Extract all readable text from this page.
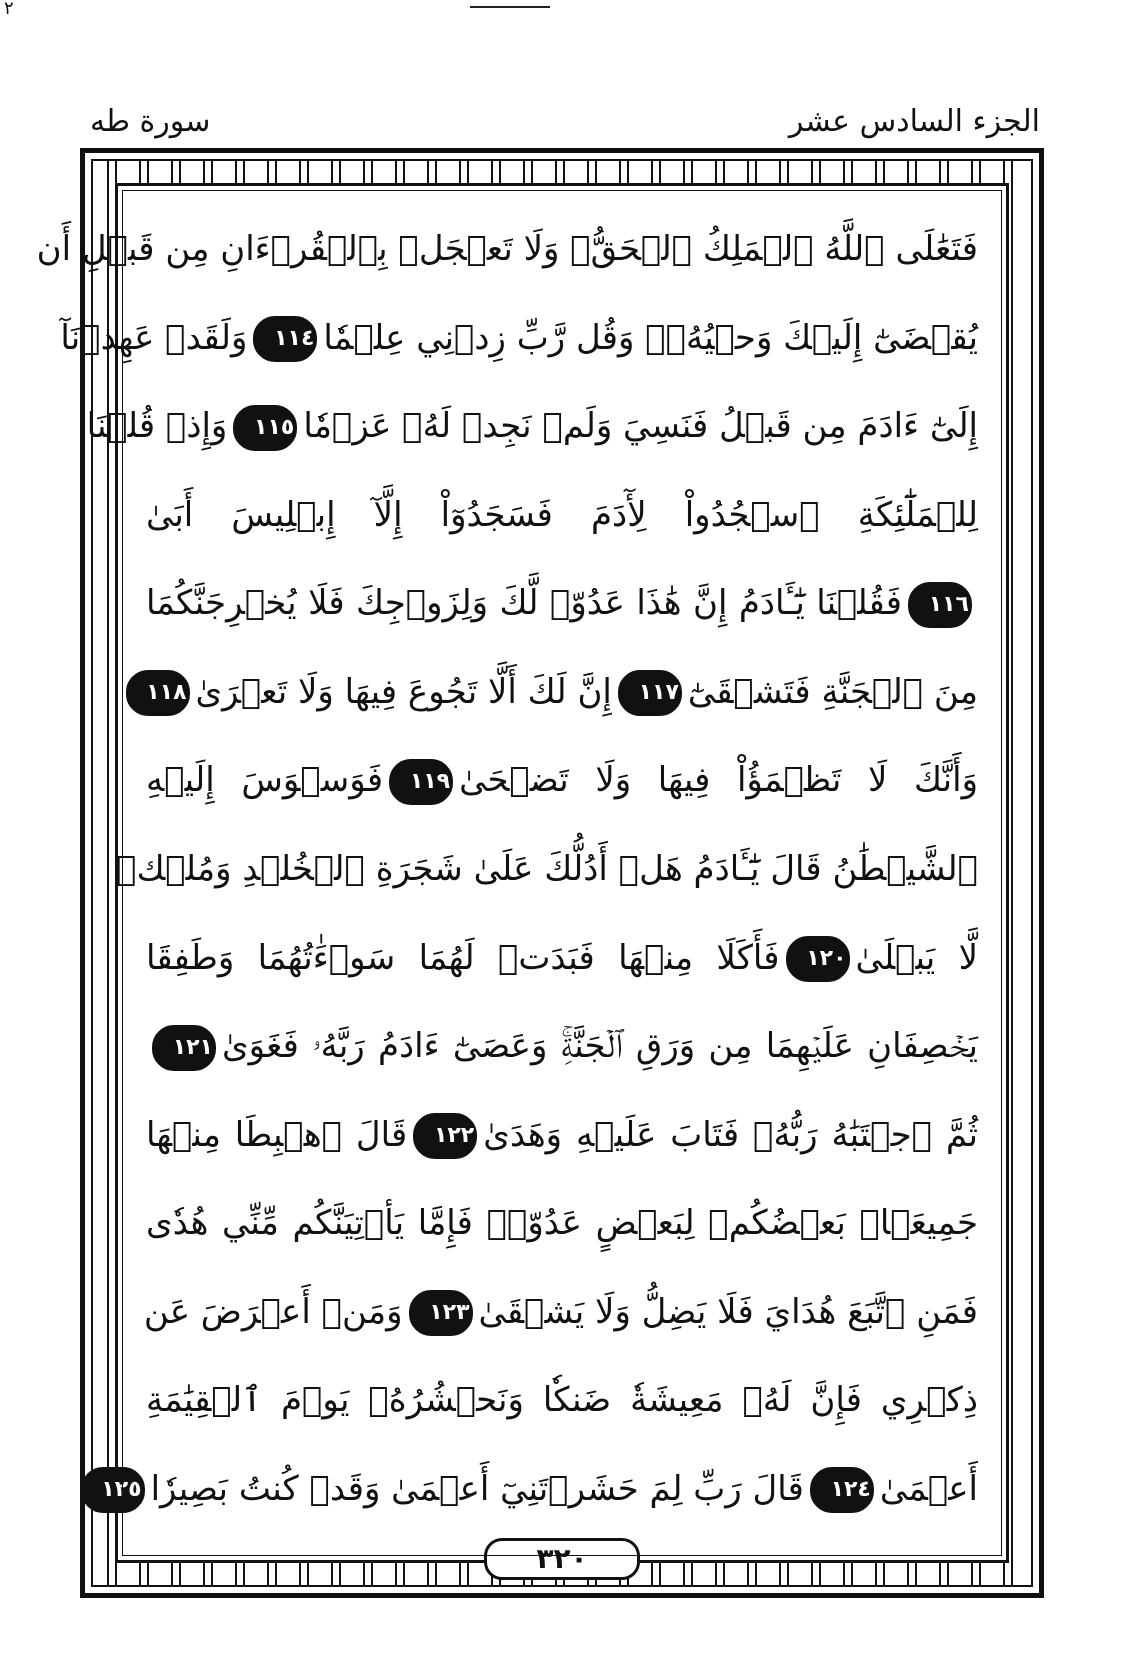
٢
الجزء السادس عشر
سورة طه
فَتَعَٰلَى ٱللَّهُ ٱلۡمَلِكُ ٱلۡحَقُّۗ وَلَا تَعۡجَلۡ بِٱلۡقُرۡءَانِ مِن قَبۡلِ أَن
يُقۡضَىٰٓ إِلَيۡكَ وَحۡيُهُۥۖ وَقُل رَّبِّ زِدۡنِي عِلۡمٗا١١٤وَلَقَدۡ عَهِدۡنَآ
إِلَىٰٓ ءَادَمَ مِن قَبۡلُ فَنَسِيَ وَلَمۡ نَجِدۡ لَهُۥ عَزۡمٗا١١٥وَإِذۡ قُلۡنَا
لِلۡمَلَٰٓئِكَةِ ٱسۡجُدُواْ لِأٓدَمَ فَسَجَدُوٓاْ إِلَّآ إِبۡلِيسَ أَبَىٰ
١١٦فَقُلۡنَا يَٰٓـَٔادَمُ إِنَّ هَٰذَا عَدُوّٞ لَّكَ وَلِزَوۡجِكَ فَلَا يُخۡرِجَنَّكُمَا
مِنَ ٱلۡجَنَّةِ فَتَشۡقَىٰٓ١١٧إِنَّ لَكَ أَلَّا تَجُوعَ فِيهَا وَلَا تَعۡرَىٰ١١٨
وَأَنَّكَ لَا تَظۡمَؤُاْ فِيهَا وَلَا تَضۡحَىٰ١١٩فَوَسۡوَسَ إِلَيۡهِ
ٱلشَّيۡطَٰنُ قَالَ يَٰٓـَٔادَمُ هَلۡ أَدُلُّكَ عَلَىٰ شَجَرَةِ ٱلۡخُلۡدِ وَمُلۡكٖ
لَّا يَبۡلَىٰ١٢٠فَأَكَلَا مِنۡهَا فَبَدَتۡ لَهُمَا سَوۡءَٰتُهُمَا وَطَفِقَا
يَخۡصِفَانِ عَلَيۡهِمَا مِن وَرَقِ ٱلۡجَنَّةِۚ وَعَصَىٰٓ ءَادَمُ رَبَّهُۥ فَغَوَىٰ١٢١
ثُمَّ ٱجۡتَبَٰهُ رَبُّهُۥ فَتَابَ عَلَيۡهِ وَهَدَىٰ١٢٢قَالَ ٱهۡبِطَا مِنۡهَا
جَمِيعَۢاۖ بَعۡضُكُمۡ لِبَعۡضٍ عَدُوّٞۖ فَإِمَّا يَأۡتِيَنَّكُم مِّنِّي هُدٗى
فَمَنِ ٱتَّبَعَ هُدَايَ فَلَا يَضِلُّ وَلَا يَشۡقَىٰ١٢٣وَمَنۡ أَعۡرَضَ عَن
ذِكۡرِي فَإِنَّ لَهُۥ مَعِيشَةٗ ضَنكٗا وَنَحۡشُرُهُۥ يَوۡمَ ٱلۡقِيَٰمَةِ
أَعۡمَىٰ١٢٤قَالَ رَبِّ لِمَ حَشَرۡتَنِيٓ أَعۡمَىٰ وَقَدۡ كُنتُ بَصِيرٗا١٢٥
٣٢٠
